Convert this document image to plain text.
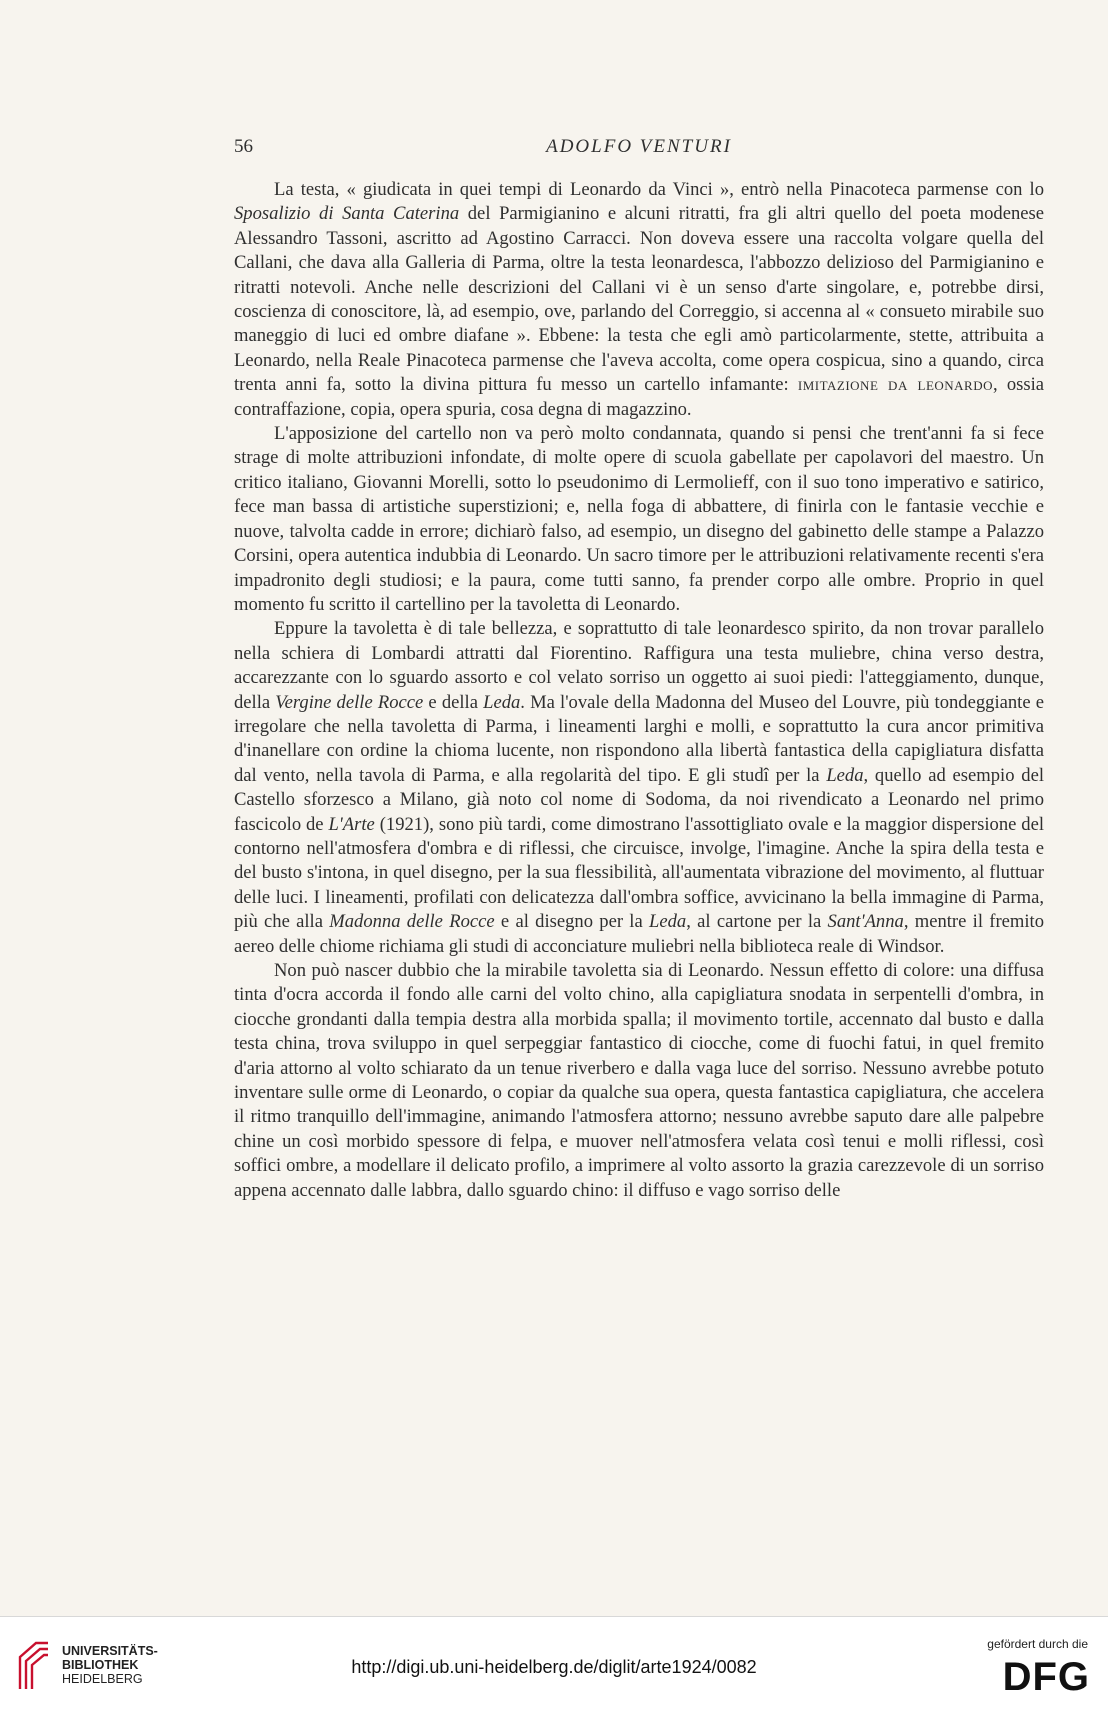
56	ADOLFO VENTURI

La testa, « giudicata in quei tempi di Leonardo da Vinci », entrò nella Pinacoteca parmense con lo Sposalizio di Santa Caterina del Parmigianino e alcuni ritratti, fra gli altri quello del poeta modenese Alessandro Tassoni, ascritto ad Agostino Carracci. Non doveva essere una raccolta volgare quella del Callani, che dava alla Galleria di Parma, oltre la testa leonardesca, l'abbozzo delizioso del Parmigianino e ritratti notevoli. Anche nelle descrizioni del Callani vi è un senso d'arte singolare, e, potrebbe dirsi, coscienza di conoscitore, là, ad esempio, ove, parlando del Correggio, si accenna al « consueto mirabile suo maneggio di luci ed ombre diafane ». Ebbene: la testa che egli amò particolarmente, stette, attribuita a Leonardo, nella Reale Pinacoteca parmense che l'aveva accolta, come opera cospicua, sino a quando, circa trenta anni fa, sotto la divina pittura fu messo un cartello infamante: imitazione da leonardo, ossia contraffazione, copia, opera spuria, cosa degna di magazzino.

L'apposizione del cartello non va però molto condannata, quando si pensi che trent'anni fa si fece strage di molte attribuzioni infondate, di molte opere di scuola gabellate per capolavori del maestro. Un critico italiano, Giovanni Morelli, sotto lo pseudonimo di Lermolieff, con il suo tono imperativo e satirico, fece man bassa di artistiche superstizioni; e, nella foga di abbattere, di finirla con le fantasie vecchie e nuove, talvolta cadde in errore; dichiarò falso, ad esempio, un disegno del gabinetto delle stampe a Palazzo Corsini, opera autentica indubbia di Leonardo. Un sacro timore per le attribuzioni relativamente recenti s'era impadronito degli studiosi; e la paura, come tutti sanno, fa prender corpo alle ombre. Proprio in quel momento fu scritto il cartellino per la tavoletta di Leonardo.

Eppure la tavoletta è di tale bellezza, e soprattutto di tale leonardesco spirito, da non trovar parallelo nella schiera di Lombardi attratti dal Fiorentino. Raffigura una testa muliebre, china verso destra, accarezzante con lo sguardo assorto e col velato sorriso un oggetto ai suoi piedi: l'atteggiamento, dunque, della Vergine delle Rocce e della Leda. Ma l'ovale della Madonna del Museo del Louvre, più tondeggiante e irregolare che nella tavoletta di Parma, i lineamenti larghi e molli, e soprattutto la cura ancor primitiva d'inanellare con ordine la chioma lucente, non rispondono alla libertà fantastica della capigliatura disfatta dal vento, nella tavola di Parma, e alla regolarità del tipo. E gli studî per la Leda, quello ad esempio del Castello sforzesco a Milano, già noto col nome di Sodoma, da noi rivendicato a Leonardo nel primo fascicolo de L'Arte (1921), sono più tardi, come dimostrano l'assottigliato ovale e la maggior dispersione del contorno nell'atmosfera d'ombra e di riflessi, che circuisce, involge, l'imagine. Anche la spira della testa e del busto s'intona, in quel disegno, per la sua flessibilità, all'aumentata vibrazione del movimento, al fluttuar delle luci. I lineamenti, profilati con delicatezza dall'ombra soffice, avvicinano la bella immagine di Parma, più che alla Madonna delle Rocce e al disegno per la Leda, al cartone per la Sant'Anna, mentre il fremito aereo delle chiome richiama gli studi di acconciature muliebri nella biblioteca reale di Windsor.

Non può nascer dubbio che la mirabile tavoletta sia di Leonardo. Nessun effetto di colore: una diffusa tinta d'ocra accorda il fondo alle carni del volto chino, alla capigliatura snodata in serpentelli d'ombra, in ciocche grondanti dalla tempia destra alla morbida spalla; il movimento tortile, accennato dal busto e dalla testa china, trova sviluppo in quel serpeggiar fantastico di ciocche, come di fuochi fatui, in quel fremito d'aria attorno al volto schiarato da un tenue riverbero e dalla vaga luce del sorriso. Nessuno avrebbe potuto inventare sulle orme di Leonardo, o copiar da qualche sua opera, questa fantastica capigliatura, che accelera il ritmo tranquillo dell'immagine, animando l'atmosfera attorno; nessuno avrebbe saputo dare alle palpebre chine un così morbido spessore di felpa, e muover nell'atmosfera velata così tenui e molli riflessi, così soffici ombre, a modellare il delicato profilo, a imprimere al volto assorto la grazia carezzevole di un sorriso appena accennato dalle labbra, dallo sguardo chino: il diffuso e vago sorriso delle

UNIVERSITÄTS-
BIBLIOTHEK
HEIDELBERG
http://digi.ub.uni-heidelberg.de/diglit/arte1924/0082
gefördert durch die
DFG
